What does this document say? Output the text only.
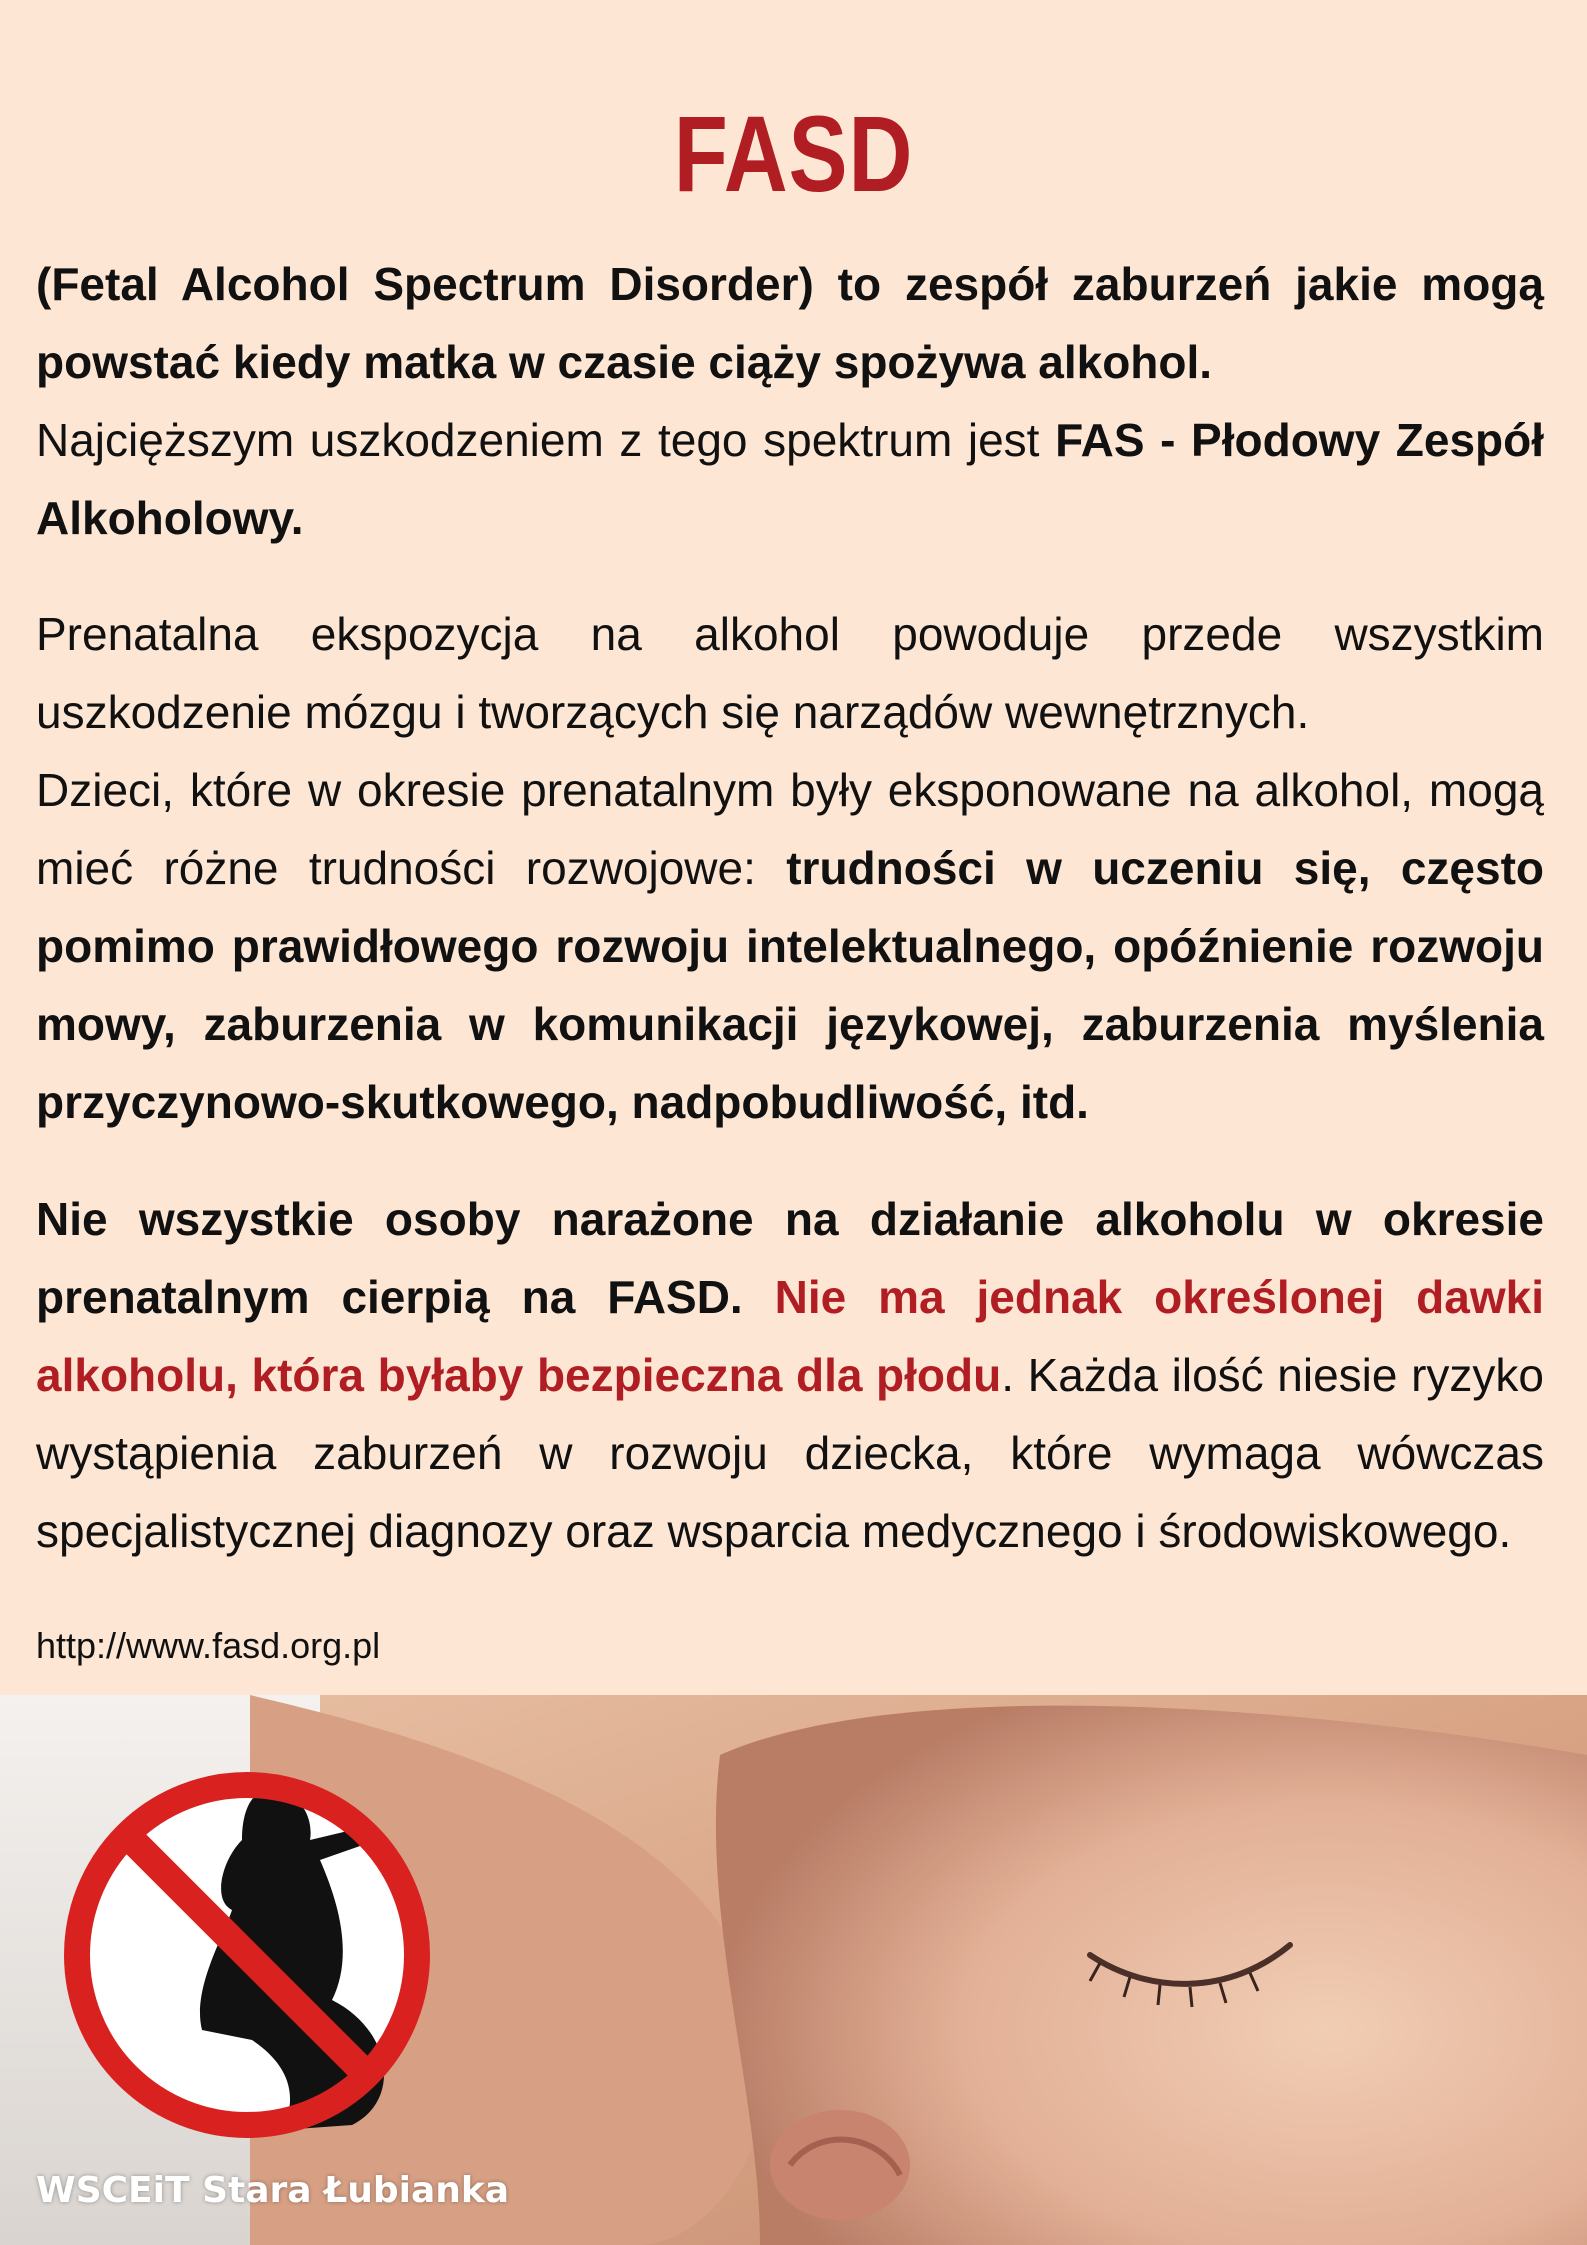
FASD

(Fetal Alcohol Spectrum Disorder) to zespół zaburzeń jakie mogą powstać kiedy matka w czasie ciąży spożywa alkohol.
Najcięższym uszkodzeniem z tego spektrum jest FAS - Płodowy Zespół Alkoholowy.

Prenatalna ekspozycja na alkohol powoduje przede wszystkim uszkodzenie mózgu i tworzących się narządów wewnętrznych.
Dzieci, które w okresie prenatalnym były eksponowane na alkohol, mogą mieć różne trudności rozwojowe: trudności w uczeniu się, często pomimo prawidłowego rozwoju intelektualnego, opóźnienie rozwoju mowy, zaburzenia w komunikacji językowej, zaburzenia myślenia przyczynowo-skutkowego, nadpobudliwość, itd.

Nie wszystkie osoby narażone na działanie alkoholu w okresie prenatalnym cierpią na FASD. Nie ma jednak określonej dawki alkoholu, która byłaby bezpieczna dla płodu. Każda ilość niesie ryzyko wystąpienia zaburzeń w rozwoju dziecka, które wymaga wówczas specjalistycznej diagnozy oraz wsparcia medycznego i środowiskowego.

http://www.fasd.org.pl
WSCEiT Stara Łubianka
